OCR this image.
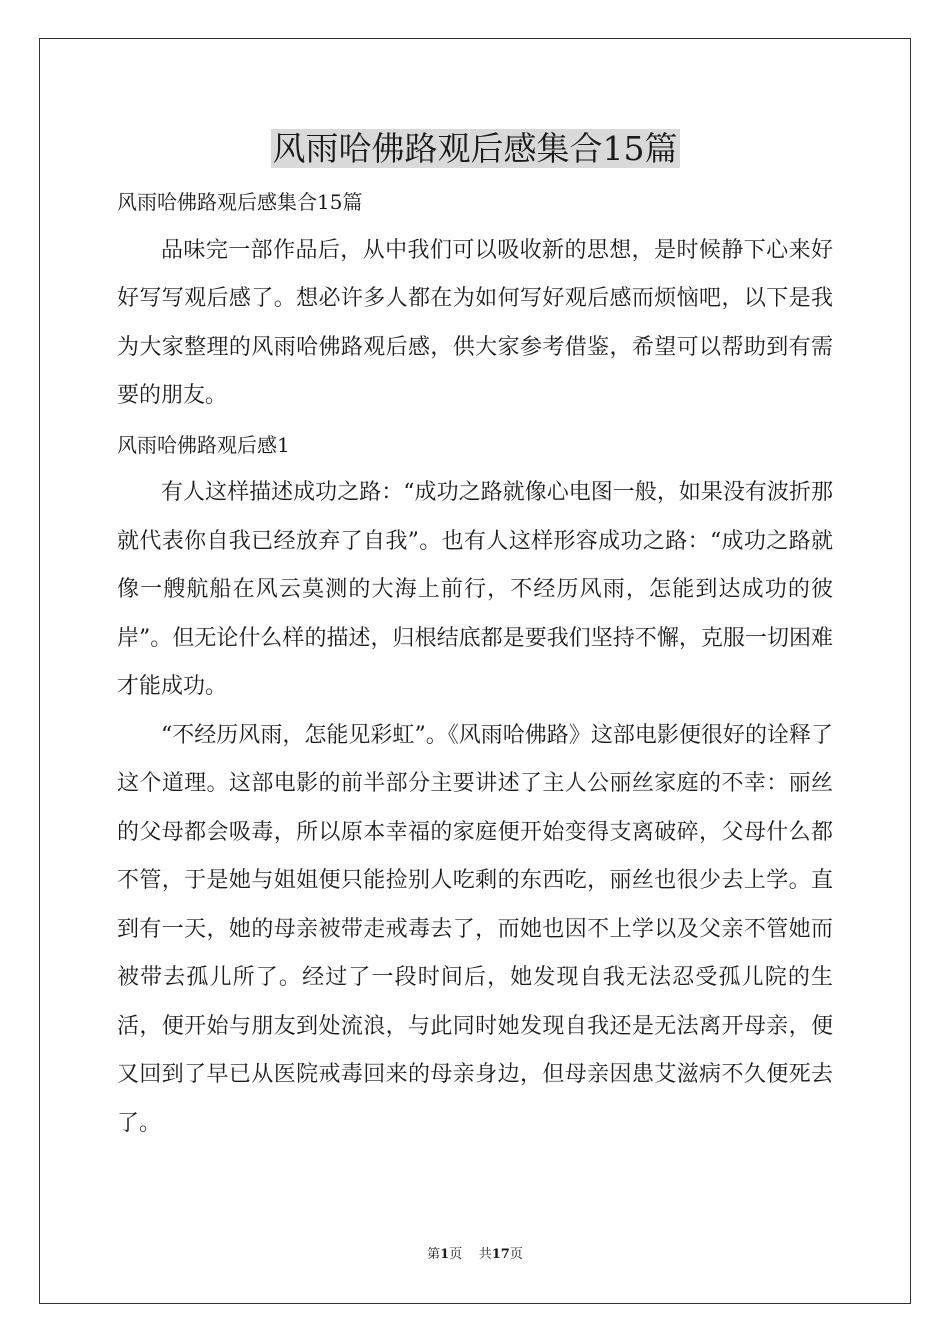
风雨哈佛路观后感集合15篇

风雨哈佛路观后感集合15篇

品味完一部作品后，从中我们可以吸收新的思想，是时候静下心来好好写写观后感了。想必许多人都在为如何写好观后感而烦恼吧，以下是我为大家整理的风雨哈佛路观后感，供大家参考借鉴，希望可以帮助到有需要的朋友。

风雨哈佛路观后感1

有人这样描述成功之路：“成功之路就像心电图一般，如果没有波折那就代表你自我已经放弃了自我”。也有人这样形容成功之路：“成功之路就像一艘航船在风云莫测的大海上前行，不经历风雨，怎能到达成功的彼岸”。但无论什么样的描述，归根结底都是要我们坚持不懈，克服一切困难才能成功。

“不经历风雨，怎能见彩虹”。《风雨哈佛路》这部电影便很好的诠释了这个道理。这部电影的前半部分主要讲述了主人公丽丝家庭的不幸：丽丝的父母都会吸毒，所以原本幸福的家庭便开始变得支离破碎，父母什么都不管，于是她与姐姐便只能捡别人吃剩的东西吃，丽丝也很少去上学。直到有一天，她的母亲被带走戒毒去了，而她也因不上学以及父亲不管她而被带去孤儿所了。经过了一段时间后，她发现自我无法忍受孤儿院的生活，便开始与朋友到处流浪，与此同时她发现自我还是无法离开母亲，便又回到了早已从医院戒毒回来的母亲身边，但母亲因患艾滋病不久便死去了。

第1页 共17页
